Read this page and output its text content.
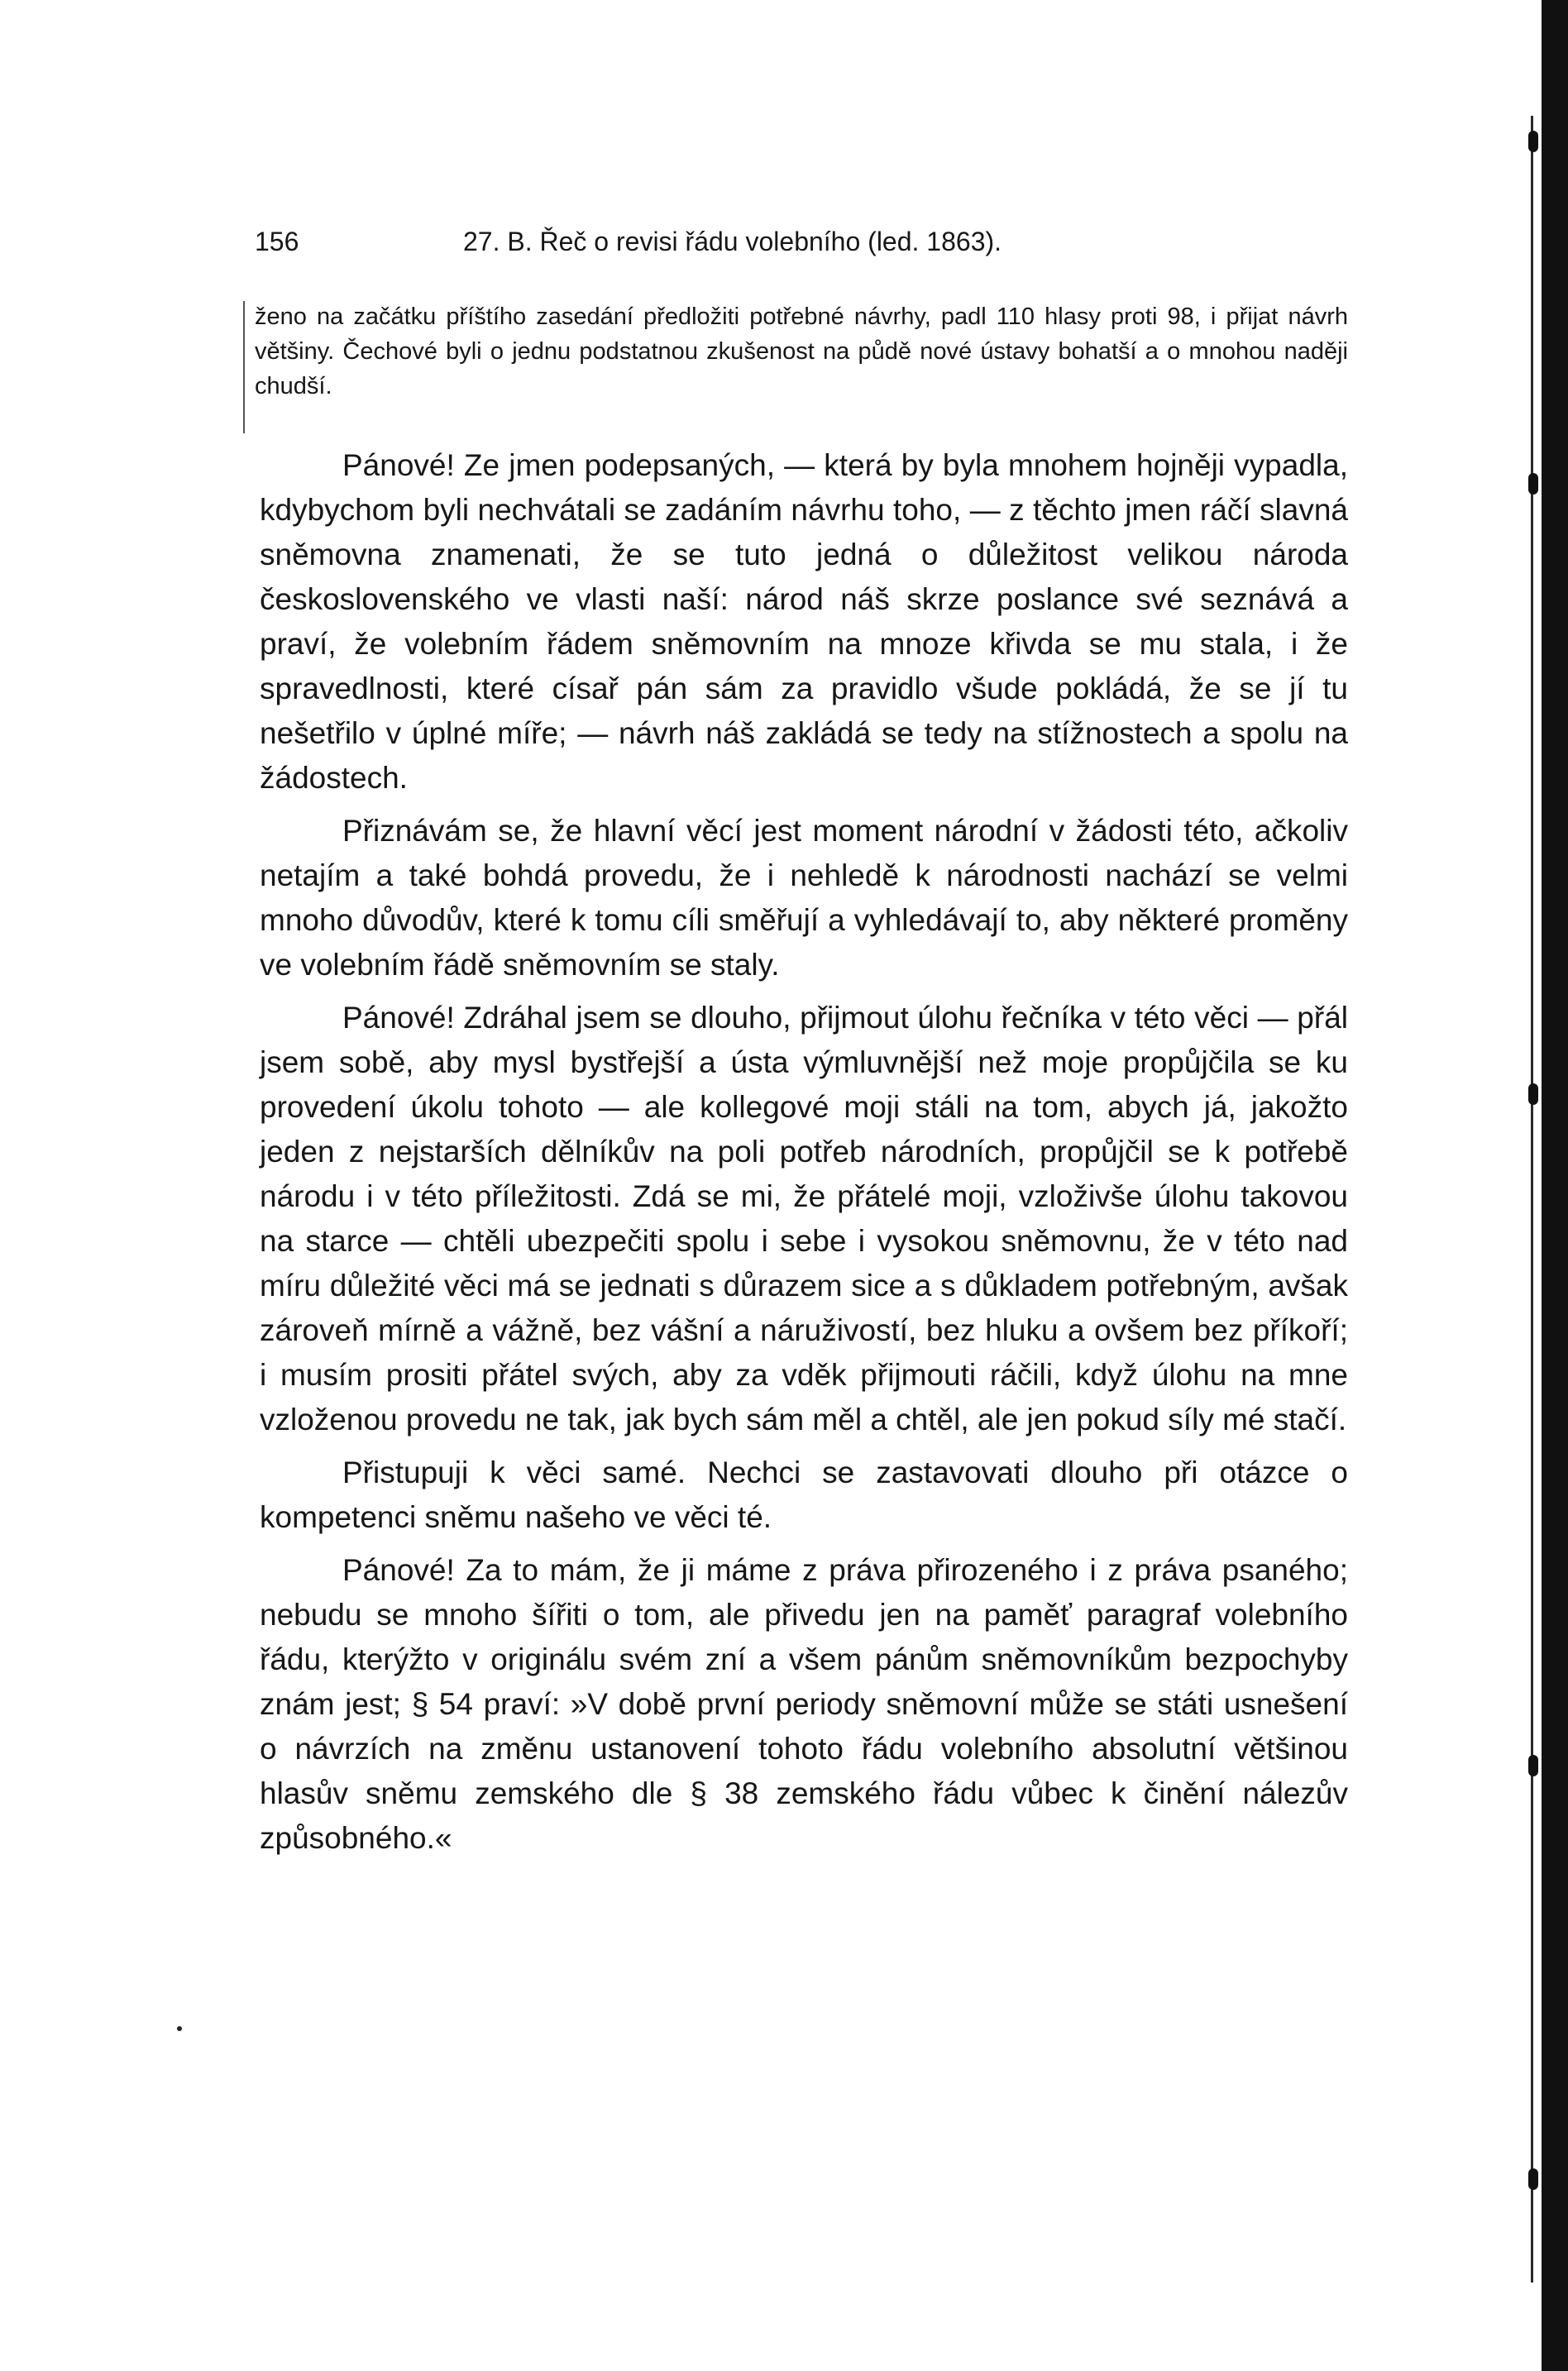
156	27. B. Řeč o revisi řádu volebního (led. 1863).
ženo na začátku příštího zasedání předložiti potřebné návrhy, padl 110 hlasy proti 98, i přijat návrh většiny. Čechové byli o jednu podstatnou zkušenost na půdě nové ústavy bohatší a o mnohou naději chudší.

Pánové! Ze jmen podepsaných, — která by byla mnohem hojněji vypadla, kdybychom byli nechvátali se zadáním návrhu toho, — z těchto jmen ráčí slavná sněmovna znamenati, že se tuto jedná o důležitost velikou národa československého ve vlasti naší: národ náš skrze poslance své seznává a praví, že volebním řádem sněmovním na mnoze křivda se mu stala, i že spravedlnosti, které císař pán sám za pravidlo všude pokládá, že se jí tu nešetřilo v úplné míře; — návrh náš zakládá se tedy na stížnostech a spolu na žádostech.

Přiznávám se, že hlavní věcí jest moment národní v žádosti této, ačkoliv netajím a také bohdá provedu, že i nehledě k národnosti nachází se velmi mnoho důvodův, které k tomu cíli směřují a vyhledávají to, aby některé proměny ve volebním řádě sněmovním se staly.

Pánové! Zdráhal jsem se dlouho, přijmout úlohu řečníka v této věci — přál jsem sobě, aby mysl bystřejší a ústa výmluvnější než moje propůjčila se ku provedení úkolu tohoto — ale kollegové moji stáli na tom, abych já, jakožto jeden z nejstarších dělníkův na poli potřeb národních, propůjčil se k potřebě národu i v této příležitosti. Zdá se mi, že přátelé moji, vzloživše úlohu takovou na starce — chtěli ubezpečiti spolu i sebe i vysokou sněmovnu, že v této nad míru důležité věci má se jednati s důrazem sice a s důkladem potřebným, avšak zároveň mírně a vážně, bez vášní a náruživostí, bez hluku a ovšem bez příkoří; i musím prositi přátel svých, aby za vděk přijmouti ráčili, když úlohu na mne vzloženou provedu ne tak, jak bych sám měl a chtěl, ale jen pokud síly mé stačí.

Přistupuji k věci samé. Nechci se zastavovati dlouho při otázce o kompetenci sněmu našeho ve věci té.

Pánové! Za to mám, že ji máme z práva přirozeného i z práva psaného; nebudu se mnoho šířiti o tom, ale přivedu jen na paměť paragraf volebního řádu, kterýžto v originálu svém zní a všem pánům sněmovníkům bezpochyby znám jest; § 54 praví: »V době první periody sněmovní může se státi usnešení o návrzích na změnu ustanovení tohoto řádu volebního absolutní většinou hlasův sněmu zemského dle § 38 zemského řádu vůbec k činění nálezův způsobného.«
